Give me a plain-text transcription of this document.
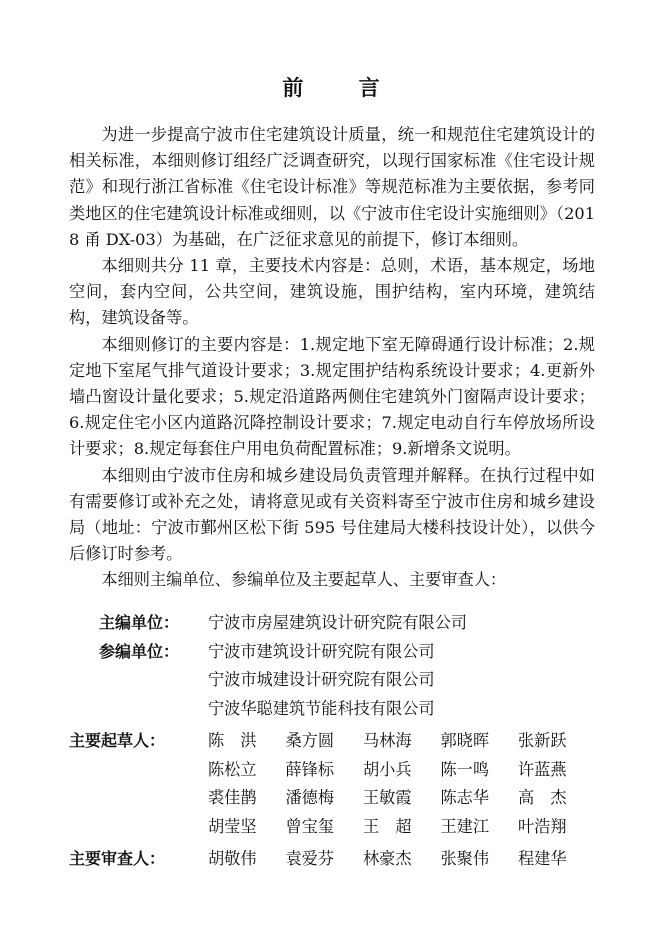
前 言

为进一步提高宁波市住宅建筑设计质量，统一和规范住宅建筑设计的相关标准，本细则修订组经广泛调查研究，以现行国家标准《住宅设计规范》和现行浙江省标准《住宅设计标准》等规范标准为主要依据，参考同类地区的住宅建筑设计标准或细则，以《宁波市住宅设计实施细则》（2018 甬 DX-03）为基础，在广泛征求意见的前提下，修订本细则。

本细则共分 11 章，主要技术内容是：总则，术语，基本规定，场地空间，套内空间，公共空间，建筑设施，围护结构，室内环境，建筑结构，建筑设备等。

本细则修订的主要内容是：1.规定地下室无障碍通行设计标准；2.规定地下室尾气排气道设计要求；3.规定围护结构系统设计要求；4.更新外墙凸窗设计量化要求；5.规定沿道路两侧住宅建筑外门窗隔声设计要求；6.规定住宅小区内道路沉降控制设计要求；7.规定电动自行车停放场所设计要求；8.规定每套住户用电负荷配置标准；9.新增条文说明。

本细则由宁波市住房和城乡建设局负责管理并解释。在执行过程中如有需要修订或补充之处，请将意见或有关资料寄至宁波市住房和城乡建设局（地址：宁波市鄞州区松下街 595 号住建局大楼科技设计处），以供今后修订时参考。

本细则主编单位、参编单位及主要起草人、主要审查人：

主编单位：	宁波市房屋建筑设计研究院有限公司
参编单位：	宁波市建筑设计研究院有限公司
宁波市城建设计研究院有限公司
宁波华聪建筑节能科技有限公司
主要起草人：	陈　洪	桑方圆	马林海	郭晓晖	张新跃
陈松立	薛锋标	胡小兵	陈一鸣	许蓝燕
裘佳鹊	潘德梅	王敏霞	陈志华	高　杰
胡莹坚	曾宝玺	王　超	王建江	叶浩翔
主要审查人：	胡敬伟	袁爱芬	林豪杰	张聚伟	程建华
